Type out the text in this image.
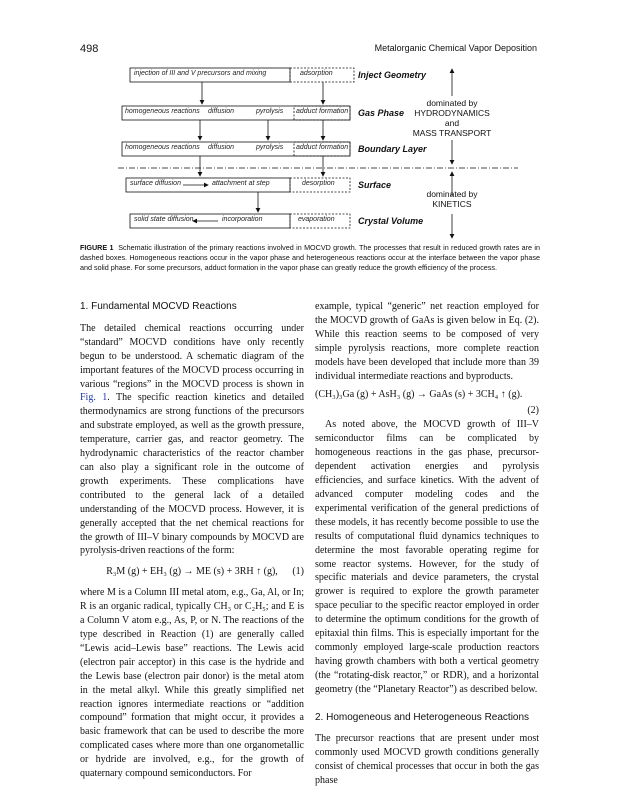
498	Metalorganic Chemical Vapor Deposition
injection of III and V precursors and mixing	adsorption	Inject Geometry
homogeneous reactions diffusion	pyrolysis adduct formation Gas Phase
homogeneous reactions diffusion	pyrolysis adduct formation Boundary Layer
surface diffusion	attachment at step	desorption	Surface
solid state diffusion	incorporation	evaporation	Crystal Volume
dominated by
HYDRODYNAMICS
and
MASS TRANSPORT
dominated by
KINETICS
FIGURE 1 Schematic illustration of the primary reactions involved in MOCVD growth. The processes that result in reduced growth rates are in dashed boxes. Homogeneous reactions occur in the vapor phase and heterogeneous reactions occur at the interface between the vapor phase and solid phase. For some precursors, adduct formation in the vapor phase can greatly reduce the growth efficiency of the process.
1. Fundamental MOCVD Reactions

The detailed chemical reactions occurring under “standard” MOCVD conditions have only recently begun to be understood. A schematic diagram of the important features of the MOCVD process occurring in various “regions” in the MOCVD process is shown in Fig. 1. The specific reaction kinetics and detailed thermodynamics are strong functions of the precursors and substrate employed, as well as the growth pressure, temperature, carrier gas, and reactor geometry. The hydrodynamic characteristics of the reactor chamber can also play a significant role in the outcome of growth experiments. These complications have contributed to the general lack of a detailed understanding of the MOCVD process. However, it is generally accepted that the net chemical reactions for the growth of III–V binary compounds by MOCVD are pyrolysis-driven reactions of the form:

R₃M (g) + EH₃ (g) → ME (s) + 3RH ↑ (g),	(1)

where M is a Column III metal atom, e.g., Ga, Al, or In; R is an organic radical, typically CH₃ or C₂H₅; and E is a Column V atom e.g., As, P, or N. The reactions of the type described in Reaction (1) are generally called “Lewis acid–Lewis base” reactions. The Lewis acid (electron pair acceptor) in this case is the hydride and the Lewis base (electron pair donor) is the metal atom in the metal alkyl. While this greatly simplified net reaction ignores intermediate reactions or “addition compound” formation that might occur, it provides a basic framework that can be used to describe the more complicated cases where more than one organometallic or hydride are involved, e.g., for the growth of quaternary compound semiconductors. For

example, typical “generic” net reaction employed for the MOCVD growth of GaAs is given below in Eq. (2). While this reaction seems to be composed of very simple pyrolysis reactions, more complete reaction models have been developed that include more than 39 individual intermediate reactions and byproducts.

(CH₃)₃Ga (g) + AsH₃ (g) → GaAs (s) + 3CH₄ ↑ (g).
(2)

As noted above, the MOCVD growth of III–V semiconductor films can be complicated by homogeneous reactions in the gas phase, precursor-dependent activation energies and pyrolysis efficiencies, and surface kinetics. With the advent of advanced computer modeling codes and the experimental verification of the general predictions of these models, it has recently become possible to use the results of computational fluid dynamics techniques to determine the most favorable operating regime for some reactor systems. However, for the study of specific materials and device parameters, the crystal grower is required to explore the growth parameter space peculiar to the specific reactor employed in order to determine the optimum conditions for the growth of epitaxial thin films. This is especially important for the commonly employed large-scale production reactors having growth chambers with both a vertical geometry (the “rotating-disk reactor,” or RDR), and a horizontal geometry (the “Planetary Reactor”) as described below.

2. Homogeneous and Heterogeneous Reactions

The precursor reactions that are present under most commonly used MOCVD growth conditions generally consist of chemical processes that occur in both the gas phase
